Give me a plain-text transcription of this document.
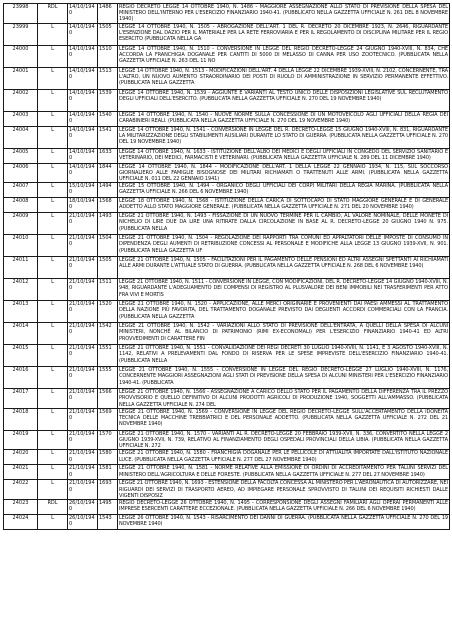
23998	RDL	14/10/1940	1486	REGIO DECRETO LEGGE 14 OTTOBRE 1940, N. 1486 - MAGGIORE ASSEGNAZIONE ALLO STATO DI PREVISIONE DELLA SPESA DEL MINISTERO DELL'INTERNO PER L'ESERCIZIO FINANZIARIO 1940-41. (PUBBLICATO NELLA GAZZETTA UFFICIALE N. 261 DEL 8 NOVEMBRE 1940)
23999	L	14/10/1940	1505	LEGGE 14 OTTOBRE 1940, N. 1505 - ABROGAZIONE DELL'ART. 1 DEL R. DECRETO 20 DICEMBRE 1923, N. 2646, RIGUARDANTE L'ESENZIONE DAL DAZIO PER IL MATERIALE PER LA RETE FERROVIARIA E PER IL REGOLAMENTO DI DISCIPLINA MILITARE PER IL REGIO ESERCITO (PUBBLICATA NELLA GA
24000	L	14/10/1940	1510	LEGGE 14 OTTOBRE 1940, N. 1510 - CONVERSIONE IN LEGGE DEL REGIO DECRETO-LEGGE 24 GIUGNO 1940-XVIII, N. 834, CHE ACCORDA LA FRANCHIGIA DOGANALE PER CANTITI DI 5000 DI MELASSO DI CANNA PER USO ZOOTECNICO. (PUBBLICATA NELLA GAZZETTA UFFICIALE N. 263 DEL 11 NO
24001	L	14/10/1940	1513	LEGGE 14 OTTOBRE 1940, N. 1513 - MODIFICAZIONI DELL'ART. 4 DELLA LEGGE 22 DICEMBRE 1939-XVIII, N. 2102, CONCERNENTE, TRA L'ALTRO, UN NUOVO AUMENTO STRAORDINARIO DEI POSTI DI RUOLO DI AMMINISTRAZIONE IN SERVIZIO PERMANENTE EFFETTIVO. (PUBBLICATA NELLA GAZZETTA
24002	L	14/10/1940	1539	LEGGE 14 OTTOBRE 1940, N. 1539 - AGGIUNTE E VARIANTI AL TESTO UNICO DELLE DISPOSIZIONI LEGISLATIVE SUL RECLUTAMENTO DEGLI UFFICIALI DELL'ESERCITO. (PUBBLICATA NELLA GAZZETTA UFFICIALE N. 270 DEL 19 NOVEMBRE 1940)
24003	L	14/10/1940	1540	LEGGE 14 OTTOBRE 1940, N. 1540 - NUOVE NORME SULLA CONCESSIONE DI UN MOTOVEICOLO AGLI UFFICIALI DELLA REGIA DEI CARABINIERI REALI. (PUBBLICATA NELLA GAZZETTA UFFICIALE N. 270 DEL 19 NOVEMBRE 1940)
24004	L	14/10/1940	1541	LEGGE 14 OTTOBRE 1940, N. 1541 - CONVERSIONE IN LEGGE DEL R. DECRETO-LEGGE 15 GIUGNO 1940-XVIII, N. 831, RIGUARDANTE LA MILITARIZZAZIONE DEGLI STABILIMENTI AUSILIARI DURANTE LO STATO DI GUERRA. (PUBBLICATA NELLA GAZZETTA UFFICIALE N. 270 DEL 19 NOVEMBRE 1940)
24005	L	14/10/1940	1633	LEGGE 14 OTTOBRE 1940, N. 1633 - ISTITUZIONE DELL'ALBO DEI MEDICI E DEGLI UFFICIALI IN CONGEDO DEL SERVIZIO SANITARIO E VETERINARIO, DEI MEDICI, FARMACISTI E VETERINARI. (PUBBLICATA NELLA GAZZETTA UFFICIALE N. 289 DEL 11 DICEMBRE 1940)
24006	L	14/10/1940	1844	LEGGE 14 OTTOBRE 1940, N. 1844 - MODIFICAZIONE DELL'ART. 1 DELLA LEGGE 22 GENNAIO 1934, N. 115, SUL SOCCORSO GIORNALIERO ALLE FAMIGLIE BISOGNOSE DEI MILITARI RICHIAMATI O TRATTENUTI ALLE ARMI. (PUBBLICATA NELLA GAZZETTA UFFICIALE N. 011 DEL 22 GENNAIO 1941)
24007	L	15/10/1940	1494	LEGGE 15 OTTOBRE 1940, N. 1494 - ORGANICO DEGLI UFFICIALI DEI CORPI MILITARI DELLA REGIA MARINA. (PUBBLICATA NELLA GAZZETTA UFFICIALE N. 266 DEL 6 NOVEMBRE 1940)
24008	L	18/10/1940	1568	LEGGE 18 OTTOBRE 1940, N. 1568 - ISTITUZIONE DELLA CARICA DI SOTTOCAPO DI STATO MAGGIORE GENERALE E DI GENERALE ADDETTO ALLO STATO MAGGIORE GENERALE. (PUBBLICATA NELLA GAZZETTA UFFICIALE N. 271 DEL 20 NOVEMBRE 1940)
24009	L	21/10/1940	1493	LEGGE 21 OTTOBRE 1940, N. 1493 - FISSAZIONE DI UN NUOVO TERMINE PER IL CAMBIO, AL VALORE NOMINALE, DELLE MONETE DI NICHELIO DI LIRE DUE DA LIRE UNA RITIRATE DALLA CIRCOLAZIONE IN BASE AL R. DECRETO-LEGGE 20 GIUGNO 1940 N. 975. (PUBBLICATA NELLA
24010	L	21/10/1940	1504	LEGGE 21 OTTOBRE 1940, N. 1504 - REGOLAZIONE DEI RAPPORTI TRA COMUNI ED APPALTATORI DELLE IMPOSTE DI CONSUMO IN DIPENDENZA DEGLI AUMENTI DI RETRIBUZIONE CONCESSI AL PERSONALE E MODIFICHE ALLA LEGGE 13 GIUGNO 1939-XVII, N. 901. (PUBBLICATA NELLA GAZZETTA UF
24011	L	21/10/1940	1505	LEGGE 21 OTTOBRE 1940, N. 1505 - FACILITAZIONI PER IL PAGAMENTO DELLE PENSIONI ED ALTRI ASSEGNI SPETTANTI AI RICHIAMATI ALLE ARMI DURANTE L'ATTUALE STATO DI GUERRA. (PUBBLICATA NELLA GAZZETTA UFFICIALE N. 268 DEL 6 NOVEMBRE 1940)
24012	L	21/10/1940	1511	LEGGE 21 OTTOBRE 1940, N. 1511 - CONVERSIONE IN LEGGE, CON MODIFICAZIONI, DEL R. DECRETO-LEGGE 14 GIUGNO 1940-XVIII, N. 948, RIGUARDANTE L'ADEGUAMENTO DEI COMPENSI DI REGISTRO AL PLUSVALORE DEI BENI IMMOBILI NEI TRASFERIMENTI PER ATTO FRA VIVI E MORTIS
24013	L	21/10/1940	1520	LEGGE 21 OTTOBRE 1940, N. 1520 - APPLICAZIONE, ALLE MERCI ORIGINARIE E PROVENIENTI DAI PAESI AMMESSI AL TRATTAMENTO DELLA NAZIONE PIÙ FAVORITA, DEL TRATTAMENTO DOGANALE PREVISTO DAI DEGUENTI ACCORDI COMMERCIALI CON LA FRANCIA. (PUBBLICATA NELLA GAZZETTA
24014	L	21/10/1940	1542	LEGGE 21 OTTOBRE 1940, N. 1542 - VARIAZIONI ALLO STATO DI PREVISIONE DELL'ENTRATA, A QUELLI DELLA SPESA DI ALCUNI MINISTERI, NONCHÉ AL BILANCIO DI PATRIMONIO (RIMI EX-ECONOMALI) PER L'ESERCIZIO FINANZIARIO 1940-41 ED ALTRI PROVVEDIMENTI DI CARATTERE FIN
24015	L	21/10/1940	1551	LEGGE 21 OTTOBRE 1940, N. 1551 - CONVALIDAZIONE DEI REGI DECRETI 30 LUGLIO 1940-XVIII, N. 1141, E 3 AGOSTO 1940-XVIII, N. 1142, RELATIVI A PRELEVAMENTI DAL FONDO DI RISERVA PER LE SPESE IMPREVISTE DELL'ESERCIZIO FINANZIARIO 1940-41. (PUBBLICATA NELLA
24016	L	21/10/1940	1555	LEGGE 21 OTTOBRE 1940, N. 1555 - CONVERSIONE IN LEGGE DEL REGIO DECRETO-LEGGE 27 LUGLIO 1940-XVIII, N. 1176, CONCERNENTE MAGGIORI ASSEGNAZIONI AGLI STATI DI PREVISIONE DELLA SPESA DI ALCUNI MINISTERI PER L'ESERCIZIO FINANZIARIO 1940-41. (PUBBLICATA
24017	L	21/10/1940	1566	LEGGE 21 OTTOBRE 1940, N. 1566 - ASSEGNAZIONE A CARICO DELLO STATO PER IL PAGAMENTO DELLA DIFFERENZA TRA IL PREZZO PROVVISORIO E QUELLO DEFINITIVO DI ALCUNI PRODOTTI AGRICOLI DI PRODUZIONE 1940, SOGGETTI ALL'AMMASSO. (PUBBLICATA NELLA GAZZETTA UFFICIALE N. 274 DEL
24018	L	21/10/1940	1569	LEGGE 21 OTTOBRE 1940, N. 1569 - CONVERSIONE IN LEGGE DEL REGIO DECRETO-LEGGE SULL'ACCERTAMENTO DELLA IDONEITÀ TECNICA DELLE MACCHINE TREBBIATRICI E DEL PERSONALE ADDETTO. (PUBBLICATA NELLA GAZZETTA UFFICIALE N. 272 DEL 21 NOVEMBRE 1940)
24019	L	21/10/1940	1570	LEGGE 21 OTTOBRE 1940, N. 1570 - VARIANTI AL R. DECRETO-LEGGE 20 FEBBRAIO 1939-XVII, N. 336, CONVERTITO NELLA LEGGE 2 GIUGNO 1939-XVII, N. 739, RELATIVO AL FINANZIAMENTO DEGLI OSPEDALI PROVINCIALI DELLA LIBIA. (PUBBLICATA NELLA GAZZETTA UFFICIALE N. 272
24020	L	21/10/1940	1580	LEGGE 21 OTTOBRE 1940, N. 1580 - FRANCHIGIA DOGANALE PER LE PELLICOLE DI ATTUALITÀ IMPORTATE DALL'ISTITUTO NAZIONALE LUCE. (PUBBLICATA NELLA GAZZETTA UFFICIALE N. 277 DEL 27 NOVEMBRE 1940)
24021	L	21/10/1940	1581	LEGGE 21 OTTOBRE 1940, N. 1581 - NORME RELATIVE ALLA EMISSIONE DI ORDINI DI ACCREDITAMENTO PER TALUNI SERVIZI DEL MINISTERO DELL'AGRICOLTURA E DELLE FORESTE. (PUBBLICATA NELLA GAZZETTA UFFICIALE N. 277 DEL 27 NOVEMBRE 1940)
24022	L	21/10/1940	1693	LEGGE 21 OTTOBRE 1940, N. 1693 - ESTENSIONE DELLA FACOLTÀ CONCESSA AL MINISTERO PER L'AERONAUTICA DI AUTORIZZARE, NEI RIGUARDI DEI SERVIZI DI TRASPORTO AEREO, AD IMPIEGARE PERSONALE SPROVVISTO DI TALUNI DEI REQUISITI RICHIESTI DALLE VIGENTI DISPOSIZ
24023	RDL	26/10/1940	1495	REGIO DECRETO-LEGGE 26 OTTOBRE 1940, N. 1495 - CORRESPONSIONE DEGLI ASSEGNI FAMILIARI AGLI OPERAI PERMANENTI ALLE IMPRESE ESERCENTI CARATTERE ECCEZIONALE. (PUBBLICATA NELLA GAZZETTA UFFICIALE N. 266 DEL 6 NOVEMBRE 1940)
24024	L	26/10/1940	1543	LEGGE 26 OTTOBRE 1940, N. 1543 - RISARCIMENTO DEI DANNI DI GUERRA. (PUBBLICATA NELLA GAZZETTA UFFICIALE N. 270 DEL 19 NOVEMBRE 1940)
